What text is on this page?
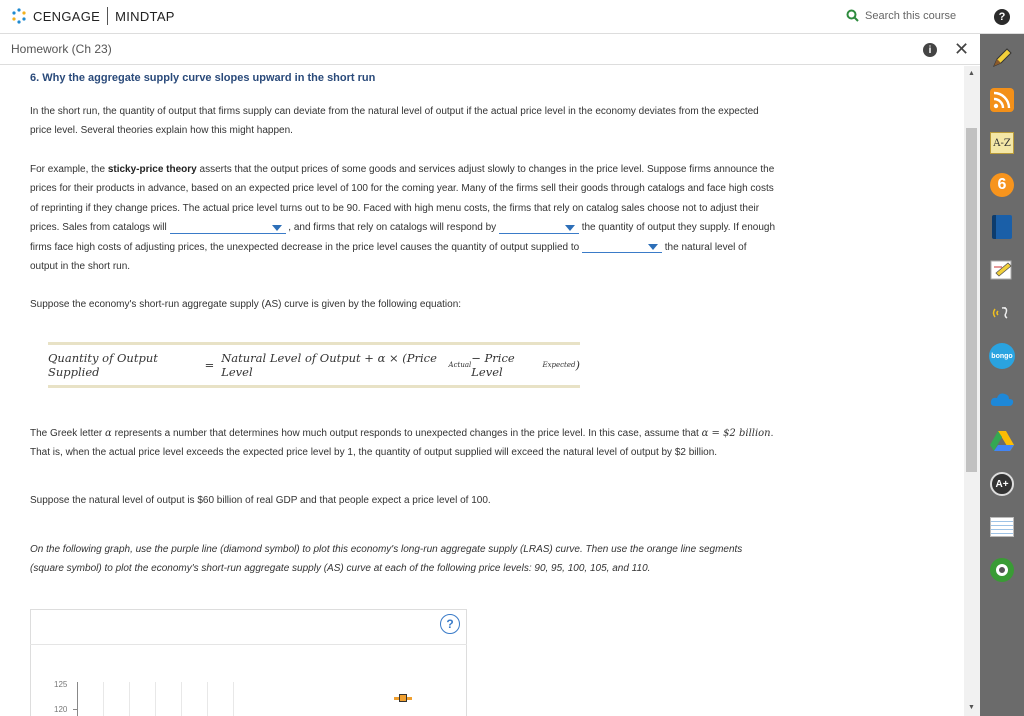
CENGAGE MINDTAP	Search this course	?
A-Z
6
bongo
A+
Homework (Ch 23)	i	✕
6. Why the aggregate supply curve slopes upward in the short run
In the short run, the quantity of output that firms supply can deviate from the natural level of output if the actual price level in the economy deviates from the expected price level. Several theories explain how this might happen.
For example, the sticky-price theory asserts that the output prices of some goods and services adjust slowly to changes in the price level. Suppose firms announce the prices for their products in advance, based on an expected price level of 100 for the coming year. Many of the firms sell their goods through catalogs and face high costs of reprinting if they change prices. The actual price level turns out to be 90. Faced with high menu costs, the firms that rely on catalog sales choose not to adjust their prices. Sales from catalogs will	, and firms that rely on catalogs will respond by	the quantity of output they supply. If enough firms face high costs of adjusting prices, the unexpected decrease in the price level causes the quantity of output supplied to	the natural level of output in the short run.
Suppose the economy's short-run aggregate supply (AS) curve is given by the following equation:
Quantity of Output Supplied	= Natural Level of Output + α × (Price Level	Actual − Price Level	Expected )
The Greek letter α represents a number that determines how much output responds to unexpected changes in the price level. In this case, assume that α = $2 billion. That is, when the actual price level exceeds the expected price level by 1, the quantity of output supplied will exceed the natural level of output by $2 billion.
Suppose the natural level of output is $60 billion of real GDP and that people expect a price level of 100.
On the following graph, use the purple line (diamond symbol) to plot this economy's long-run aggregate supply (LRAS) curve. Then use the orange line segments (square symbol) to plot the economy's short-run aggregate supply (AS) curve at each of the following price levels: 90, 95, 100, 105, and 110.
?
125
120
▲
▼
